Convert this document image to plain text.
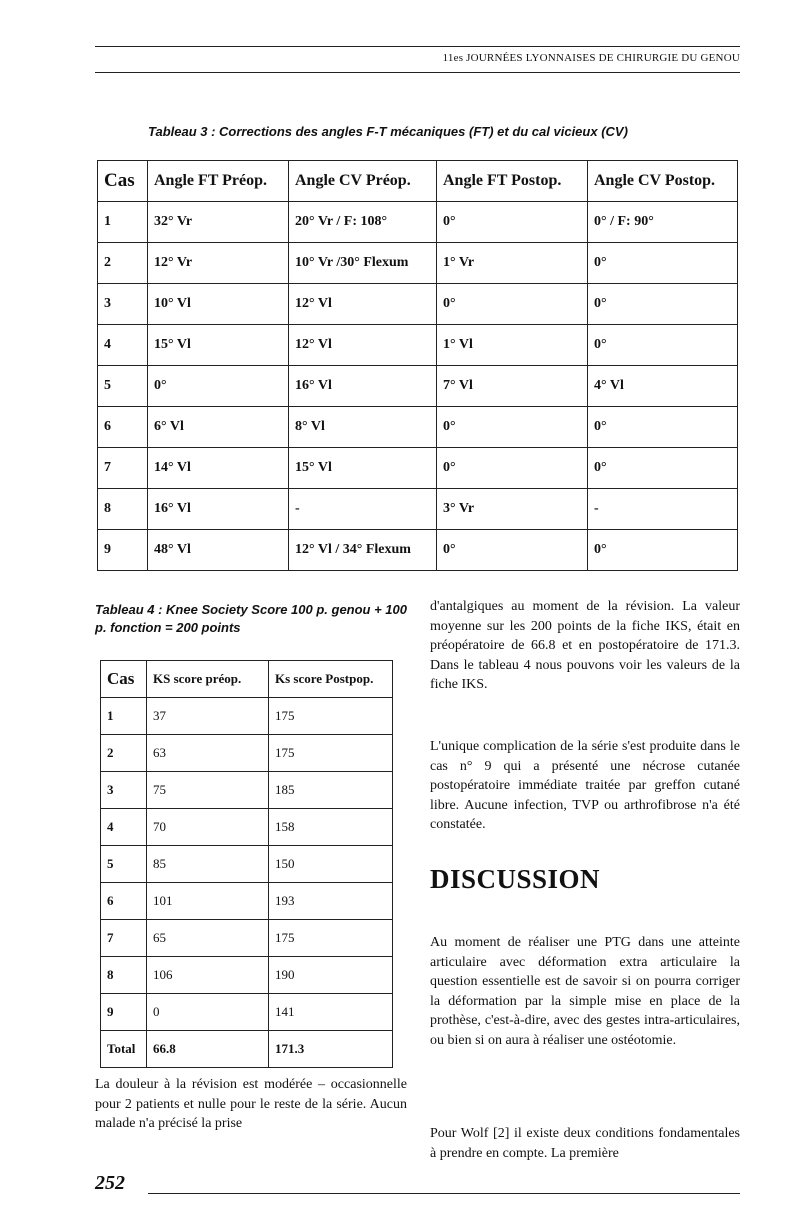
11es JOURNÉES LYONNAISES DE CHIRURGIE DU GENOU
Tableau 3 : Corrections des angles F-T mécaniques (FT) et du cal vicieux (CV)
Cas	Angle FT Préop.	Angle CV Préop.	Angle FT Postop.	Angle CV Postop.
1	32° Vr	20° Vr / F: 108°	0°	0° / F: 90°
2	12° Vr	10° Vr /30° Flexum	1° Vr	0°
3	10° Vl	12° Vl	0°	0°
4	15° Vl	12° Vl	1° Vl	0°
5	0°	16° Vl	7° Vl	4° Vl
6	6° Vl	8° Vl	0°	0°
7	14° Vl	15° Vl	0°	0°
8	16° Vl	-	3° Vr	-
9	48° Vl	12° Vl / 34° Flexum	0°	0°
Tableau 4 : Knee Society Score 100 p. genou + 100 p. fonction = 200 points
Cas	KS score préop.	Ks score Postpop.
1	37	175
2	63	175
3	75	185
4	70	158
5	85	150
6	101	193
7	65	175
8	106	190
9	0	141
Total	66.8	171.3
La douleur à la révision est modérée – occasionnelle pour 2 patients et nulle pour le reste de la série. Aucun malade n'a précisé la prise
d'antalgiques au moment de la révision. La valeur moyenne sur les 200 points de la fiche IKS, était en préopératoire de 66.8 et en postopératoire de 171.3. Dans le tableau 4 nous pouvons voir les valeurs de la fiche IKS.
L'unique complication de la série s'est produite dans le cas n° 9 qui a présenté une nécrose cutanée postopératoire immédiate traitée par greffon cutané libre. Aucune infection, TVP ou arthrofibrose n'a été constatée.
DISCUSSION
Au moment de réaliser une PTG dans une atteinte articulaire avec déformation extra articulaire la question essentielle est de savoir si on pourra corriger la déformation par la simple mise en place de la prothèse, c'est-à-dire, avec des gestes intra-articulaires, ou bien si on aura à réaliser une ostéotomie.
Pour Wolf [2] il existe deux conditions fondamentales à prendre en compte. La première
252
